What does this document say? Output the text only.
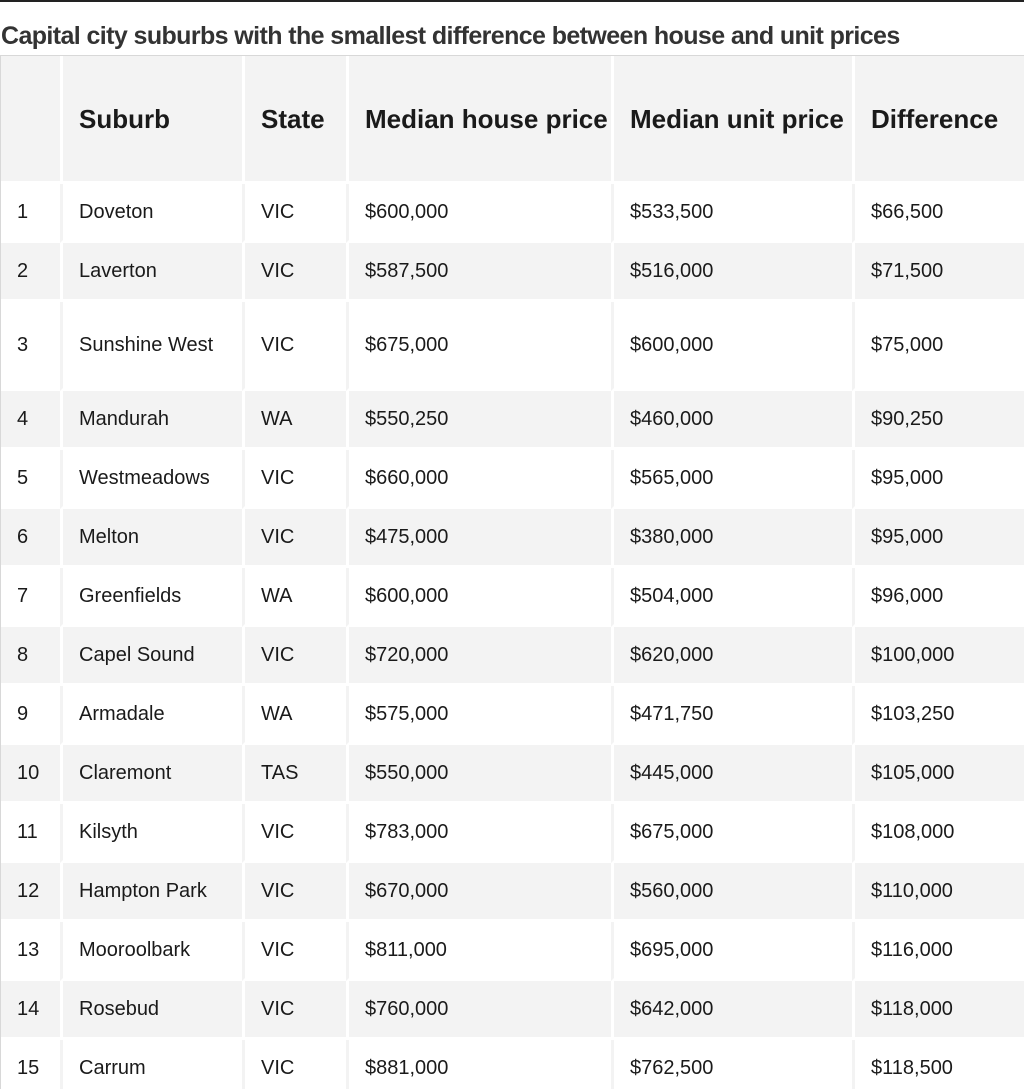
Capital city suburbs with the smallest difference between house and unit prices
	Suburb	State	Median house price	Median unit price	Difference
1	Doveton	VIC	$600,000	$533,500	$66,500
2	Laverton	VIC	$587,500	$516,000	$71,500
3	Sunshine West	VIC	$675,000	$600,000	$75,000
4	Mandurah	WA	$550,250	$460,000	$90,250
5	Westmeadows	VIC	$660,000	$565,000	$95,000
6	Melton	VIC	$475,000	$380,000	$95,000
7	Greenfields	WA	$600,000	$504,000	$96,000
8	Capel Sound	VIC	$720,000	$620,000	$100,000
9	Armadale	WA	$575,000	$471,750	$103,250
10	Claremont	TAS	$550,000	$445,000	$105,000
11	Kilsyth	VIC	$783,000	$675,000	$108,000
12	Hampton Park	VIC	$670,000	$560,000	$110,000
13	Mooroolbark	VIC	$811,000	$695,000	$116,000
14	Rosebud	VIC	$760,000	$642,000	$118,000
15	Carrum	VIC	$881,000	$762,500	$118,500
